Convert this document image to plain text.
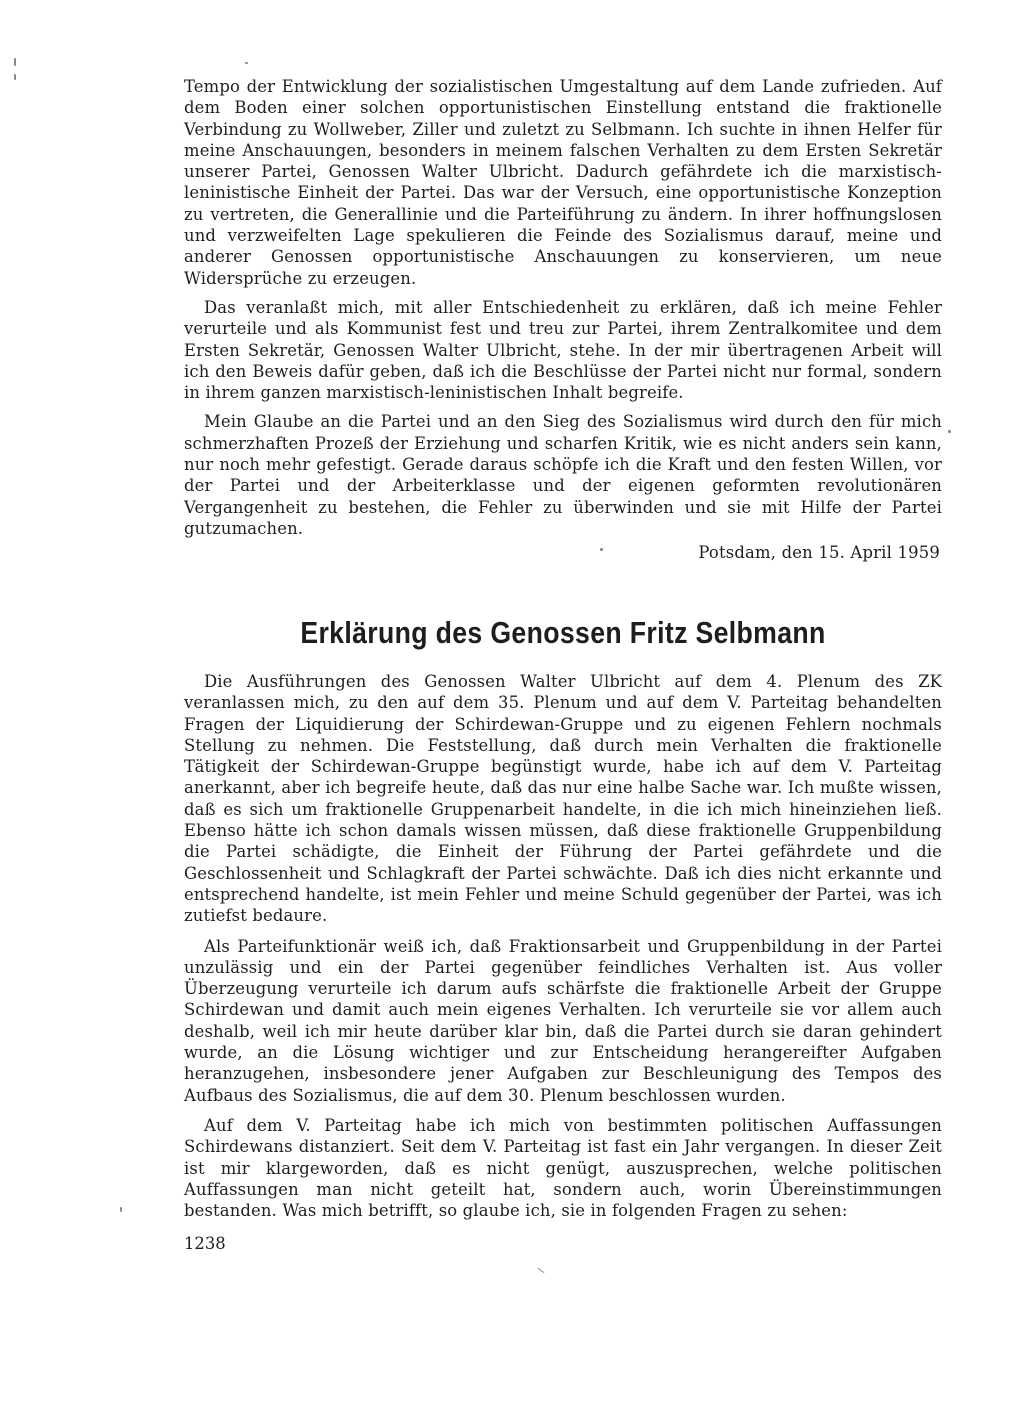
Tempo der Entwicklung der sozialistischen Umgestaltung auf dem Lande zufrieden. Auf dem Boden einer solchen opportunistischen Einstellung entstand die fraktionelle Verbindung zu Wollweber, Ziller und zuletzt zu Selbmann. Ich suchte in ihnen Helfer für meine Anschauungen, besonders in meinem falschen Verhalten zu dem Ersten Sekretär unserer Partei, Genossen Walter Ulbricht. Dadurch gefährdete ich die marxistisch-leninistische Einheit der Partei. Das war der Versuch, eine opportunistische Konzeption zu vertreten, die Generallinie und die Parteiführung zu ändern. In ihrer hoffnungslosen und verzweifelten Lage spekulieren die Feinde des Sozialismus darauf, meine und anderer Genossen opportunistische Anschauungen zu konservieren, um neue Widersprüche zu erzeugen.

Das veranlaßt mich, mit aller Entschiedenheit zu erklären, daß ich meine Fehler verurteile und als Kommunist fest und treu zur Partei, ihrem Zentralkomitee und dem Ersten Sekretär, Genossen Walter Ulbricht, stehe. In der mir übertragenen Arbeit will ich den Beweis dafür geben, daß ich die Beschlüsse der Partei nicht nur formal, sondern in ihrem ganzen marxistisch-leninistischen Inhalt begreife.

Mein Glaube an die Partei und an den Sieg des Sozialismus wird durch den für mich schmerzhaften Prozeß der Erziehung und scharfen Kritik, wie es nicht anders sein kann, nur noch mehr gefestigt. Gerade daraus schöpfe ich die Kraft und den festen Willen, vor der Partei und der Arbeiterklasse und der eigenen geformten revolutionären Vergangenheit zu bestehen, die Fehler zu überwinden und sie mit Hilfe der Partei gutzumachen.

Potsdam, den 15. April 1959
Erklärung des Genossen Fritz Selbmann

Die Ausführungen des Genossen Walter Ulbricht auf dem 4. Plenum des ZK veranlassen mich, zu den auf dem 35. Plenum und auf dem V. Parteitag behandelten Fragen der Liquidierung der Schirdewan-Gruppe und zu eigenen Fehlern nochmals Stellung zu nehmen. Die Feststellung, daß durch mein Verhalten die fraktionelle Tätigkeit der Schirdewan-Gruppe begünstigt wurde, habe ich auf dem V. Parteitag anerkannt, aber ich begreife heute, daß das nur eine halbe Sache war. Ich mußte wissen, daß es sich um fraktionelle Gruppenarbeit handelte, in die ich mich hineinziehen ließ. Ebenso hätte ich schon damals wissen müssen, daß diese fraktionelle Gruppenbildung die Partei schädigte, die Einheit der Führung der Partei gefährdete und die Geschlossenheit und Schlagkraft der Partei schwächte. Daß ich dies nicht erkannte und entsprechend handelte, ist mein Fehler und meine Schuld gegenüber der Partei, was ich zutiefst bedaure.

Als Parteifunktionär weiß ich, daß Fraktionsarbeit und Gruppenbildung in der Partei unzulässig und ein der Partei gegenüber feindliches Verhalten ist. Aus voller Überzeugung verurteile ich darum aufs schärfste die fraktionelle Arbeit der Gruppe Schirdewan und damit auch mein eigenes Verhalten. Ich verurteile sie vor allem auch deshalb, weil ich mir heute darüber klar bin, daß die Partei durch sie daran gehindert wurde, an die Lösung wichtiger und zur Entscheidung herangereifter Aufgaben heranzugehen, insbesondere jener Aufgaben zur Beschleunigung des Tempos des Aufbaus des Sozialismus, die auf dem 30. Plenum beschlossen wurden.

Auf dem V. Parteitag habe ich mich von bestimmten politischen Auffassungen Schirdewans distanziert. Seit dem V. Parteitag ist fast ein Jahr vergangen. In dieser Zeit ist mir klargeworden, daß es nicht genügt, auszusprechen, welche politischen Auffassungen man nicht geteilt hat, sondern auch, worin Übereinstimmungen bestanden. Was mich betrifft, so glaube ich, sie in folgenden Fragen zu sehen:

1238
